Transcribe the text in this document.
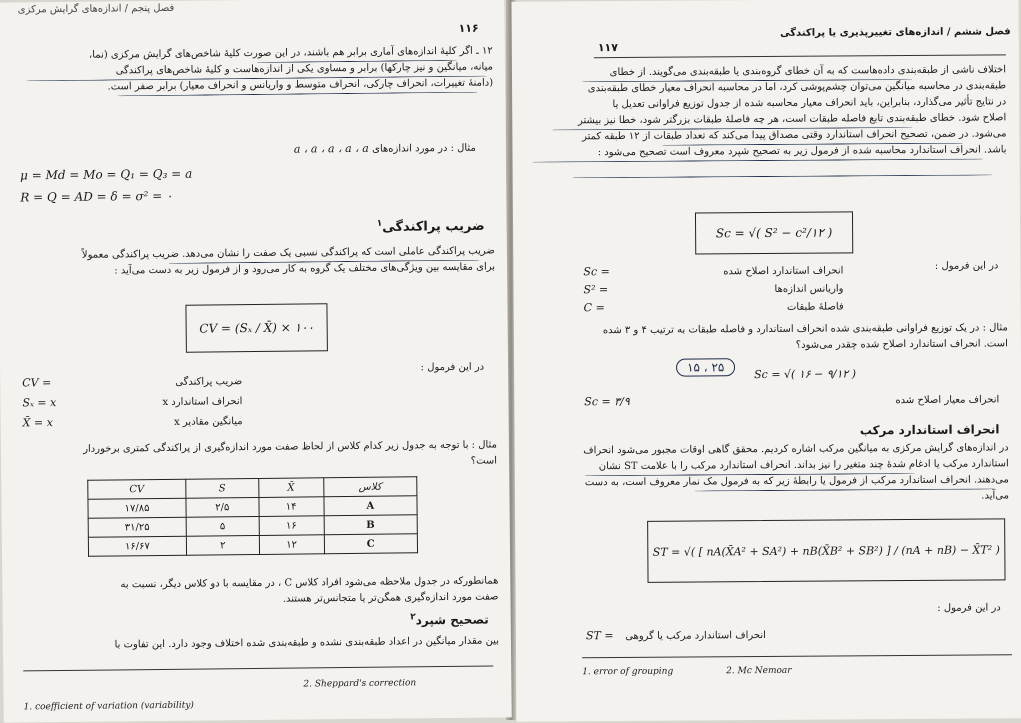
فصل پنجم / اندازه‌های گرایش مرکزی
۱۱۶
۱۲ ـ اگر کلیهٔ اندازه‌های آماری برابر هم باشند، در این صورت کلیهٔ شاخص‌های گرایش مرکزی (نما،
میانه، میانگین و نیز چارکها) برابر و مساوی یکی از اندازه‌هاست و کلیهٔ شاخص‌های پراکندگی
(دامنهٔ تغییرات، انحراف چارکی، انحراف متوسط و واریانس و انحراف معیار) برابر صفر است.
مثال : در مورد اندازه‌های
a ، a ، a ، a ، a
μ = Md = Mo = Q₁ = Q₃ = a
R = Q = AD = δ = σ² = ۰
ضریب پراکندگی$^۱$
ضریب پراکندگی عاملی است که پراکندگی نسبی یک صفت را نشان می‌دهد. ضریب پراکندگی معمولاً
برای مقایسه بین ویژگی‌های مختلف یک گروه به کار می‌رود و از فرمول زیر به دست می‌آید :
CV = (Sₓ / X̄) × ۱۰۰
در این فرمول :
CV =	ضریب پراکندگی
Sₓ = x	انحراف استاندارد x
X̄ = x	میانگین مقادیر x
مثال : با توجه به جدول زیر کدام کلاس از لحاظ صفت مورد اندازه‌گیری از پراکندگی کمتری برخوردار
است؟
CV	S	X̄	کلاس
۱۷/۸۵	۲/۵	۱۴	A
۳۱/۲۵	۵	۱۶	B
۱۶/۶۷	۲	۱۲	C
همانطورکه در جدول ملاحظه می‌شود افراد کلاس C ، در مقایسه با دو کلاس دیگر، نسبت به
صفت مورد اندازه‌گیری همگن‌تر یا متجانس‌تر هستند.
تصحیح شپرد$^۲$
بین مقدار میانگین در اعداد طبقه‌بندی نشده و طبقه‌بندی شده اختلاف وجود دارد. این تفاوت با
2. Sheppard's correction
1. coefficient of variation (variability)
فصل ششم / اندازه‌های تغییرپذیری یا پراکندگی
۱۱۷
اختلاف ناشی از طبقه‌بندی داده‌هاست که به آن خطای گروه‌بندی یا طبقه‌بندی می‌گویند. از خطای
طبقه‌بندی در محاسبه میانگین می‌توان چشم‌پوشی کرد، اما در محاسبه انحراف معیار خطای طبقه‌بندی
در نتایج تأثیر می‌گذارد، بنابراین، باید انحراف معیار محاسبه شده از جدول توزیع فراوانی تعدیل یا
اصلاح شود. خطای طبقه‌بندی تابع فاصله طبقات است، هر چه فاصلهٔ طبقات بزرگتر شود، خطا نیز بیشتر
می‌شود. در ضمن، تصحیح انحراف استاندارد وقتی مصداق پیدا می‌کند که تعداد طبقات از ۱۲ طبقه کمتر
باشد. انحراف استاندارد محاسبه شده از فرمول زیر به تصحیح شپرد معروف است تصحیح می‌شود :
Sc = √( S² − c²/۱۲ )
در این فرمول :
Sc =	انحراف استاندارد اصلاح شده
S² =	واریانس اندازه‌ها
C =	فاصلهٔ طبقات
مثال : در یک توزیع فراوانی طبقه‌بندی شده انحراف استاندارد و فاصله طبقات به ترتیب ۴ و ۳ شده
است. انحراف استاندارد اصلاح شده چقدر می‌شود؟
۱۵ ، ۲۵	Sc = √( ۱۶ − ۹/۱۲ )
انحراف معیار اصلاح شده
Sc = ۳/۹
انحراف استاندارد مرکب
در اندازه‌های گرایش مرکزی به میانگین مرکب اشاره کردیم. محقق گاهی اوقات مجبور می‌شود انحراف
استاندارد مرکب یا ادغام شدهٔ چند متغیر را نیز بداند. انحراف استاندارد مرکب را با علامت ST نشان
می‌دهند. انحراف استاندارد مرکب از فرمول یا رابطهٔ زیر که به فرمول مک نمار معروف است، به دست
می‌آید.
ST = √( [ nA(X̄A² + SA²) + nB(X̄B² + SB²) ] / (nA + nB) − X̄T² )
در این فرمول :
ST = انحراف استاندارد مرکب یا گروهی
1. error of grouping	2. Mc Nemoar
